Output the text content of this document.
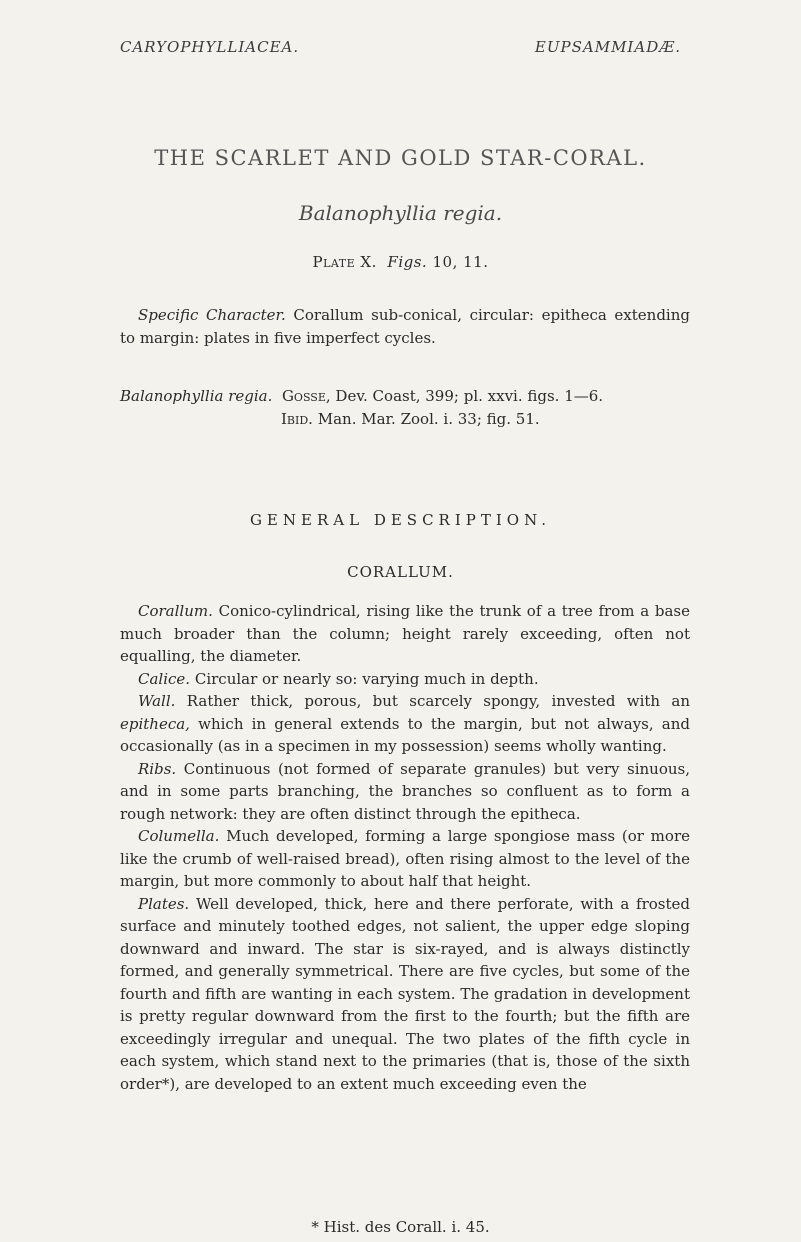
CARYOPHYLLIACEA.	EUPSAMMIADÆ.
THE SCARLET AND GOLD STAR-CORAL.
Balanophyllia regia.
Plate X. Figs. 10, 11.
Specific Character. Corallum sub-conical, circular: epitheca extending to margin: plates in five imperfect cycles.
Balanophyllia regia. Gosse, Dev. Coast, 399; pl. xxvi. figs. 1—6.
Ibid. Man. Mar. Zool. i. 33; fig. 51.
GENERAL DESCRIPTION.
CORALLUM.

Corallum. Conico-cylindrical, rising like the trunk of a tree from a base much broader than the column; height rarely exceeding, often not equalling, the diameter.

Calice. Circular or nearly so: varying much in depth.

Wall. Rather thick, porous, but scarcely spongy, invested with an epitheca, which in general extends to the margin, but not always, and occasionally (as in a specimen in my possession) seems wholly wanting.

Ribs. Continuous (not formed of separate granules) but very sinuous, and in some parts branching, the branches so confluent as to form a rough network: they are often distinct through the epitheca.

Columella. Much developed, forming a large spongiose mass (or more like the crumb of well-raised bread), often rising almost to the level of the margin, but more commonly to about half that height.

Plates. Well developed, thick, here and there perforate, with a frosted surface and minutely toothed edges, not salient, the upper edge sloping downward and inward. The star is six-rayed, and is always distinctly formed, and generally symmetrical. There are five cycles, but some of the fourth and fifth are wanting in each system. The gradation in development is pretty regular downward from the first to the fourth; but the fifth are exceedingly irregular and unequal. The two plates of the fifth cycle in each system, which stand next to the primaries (that is, those of the sixth order*), are developed to an extent much exceeding even the

* Hist. des Corall. i. 45.
